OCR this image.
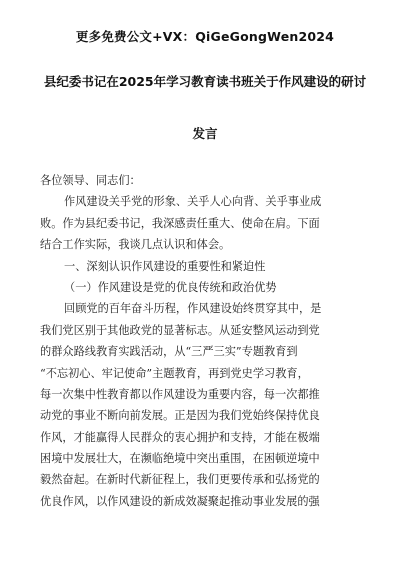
更多免费公文+VX：QiGeGongWen2024
县纪委书记在2025年学习教育读书班关于作风建设的研讨
发言
各位领导、同志们：
作风建设关乎党的形象、关乎人心向背、关乎事业成
败。作为县纪委书记，我深感责任重大、使命在肩。下面
结合工作实际，我谈几点认识和体会。
一、深刻认识作风建设的重要性和紧迫性
（一）作风建设是党的优良传统和政治优势
回顾党的百年奋斗历程，作风建设始终贯穿其中，是
我们党区别于其他政党的显著标志。从延安整风运动到党
的群众路线教育实践活动，从“三严三实”专题教育到
“不忘初心、牢记使命”主题教育，再到党史学习教育，
每一次集中性教育都以作风建设为重要内容，每一次都推
动党的事业不断向前发展。正是因为我们党始终保持优良
作风，才能赢得人民群众的衷心拥护和支持，才能在极端
困境中发展壮大，在濒临绝境中突出重围，在困顿逆境中
毅然奋起。在新时代新征程上，我们更要传承和弘扬党的
优良作风，以作风建设的新成效凝聚起推动事业发展的强
